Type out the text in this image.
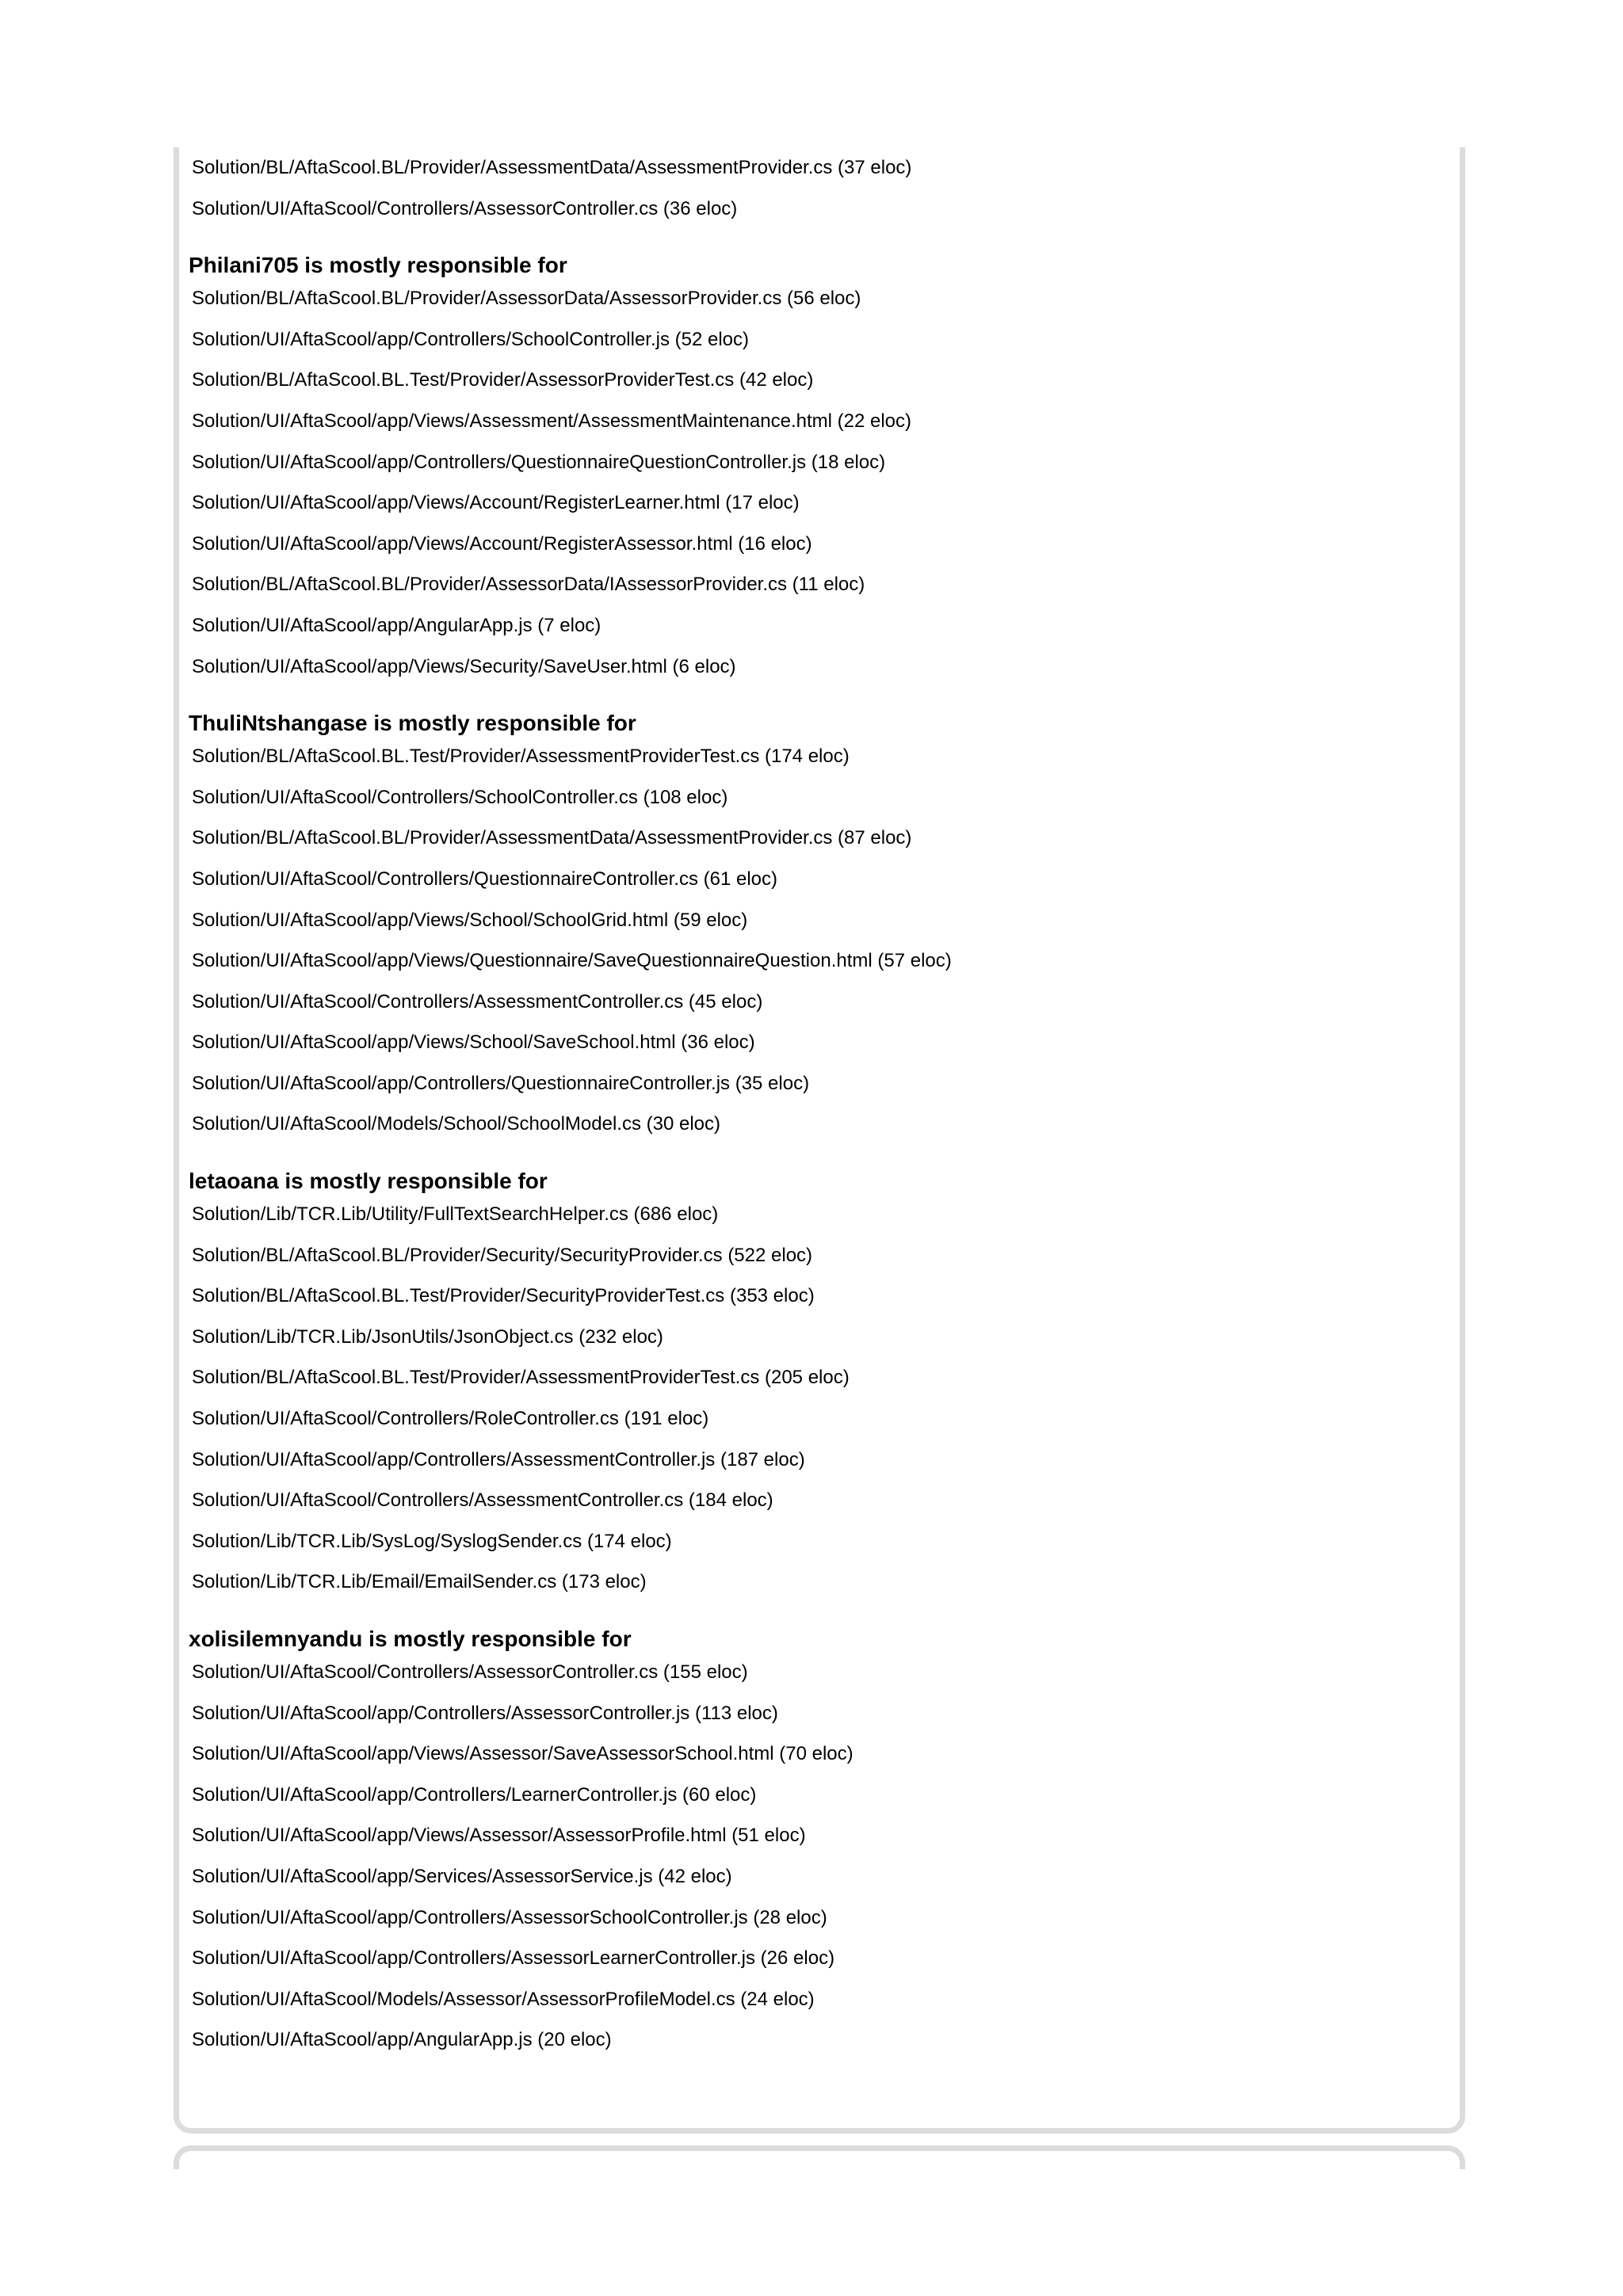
Solution/BL/AftaScool.BL/Provider/AssessmentData/AssessmentProvider.cs (37 eloc)
Solution/UI/AftaScool/Controllers/AssessorController.cs (36 eloc)
Philani705 is mostly responsible for
Solution/BL/AftaScool.BL/Provider/AssessorData/AssessorProvider.cs (56 eloc)
Solution/UI/AftaScool/app/Controllers/SchoolController.js (52 eloc)
Solution/BL/AftaScool.BL.Test/Provider/AssessorProviderTest.cs (42 eloc)
Solution/UI/AftaScool/app/Views/Assessment/AssessmentMaintenance.html (22 eloc)
Solution/UI/AftaScool/app/Controllers/QuestionnaireQuestionController.js (18 eloc)
Solution/UI/AftaScool/app/Views/Account/RegisterLearner.html (17 eloc)
Solution/UI/AftaScool/app/Views/Account/RegisterAssessor.html (16 eloc)
Solution/BL/AftaScool.BL/Provider/AssessorData/IAssessorProvider.cs (11 eloc)
Solution/UI/AftaScool/app/AngularApp.js (7 eloc)
Solution/UI/AftaScool/app/Views/Security/SaveUser.html (6 eloc)
ThuliNtshangase is mostly responsible for
Solution/BL/AftaScool.BL.Test/Provider/AssessmentProviderTest.cs (174 eloc)
Solution/UI/AftaScool/Controllers/SchoolController.cs (108 eloc)
Solution/BL/AftaScool.BL/Provider/AssessmentData/AssessmentProvider.cs (87 eloc)
Solution/UI/AftaScool/Controllers/QuestionnaireController.cs (61 eloc)
Solution/UI/AftaScool/app/Views/School/SchoolGrid.html (59 eloc)
Solution/UI/AftaScool/app/Views/Questionnaire/SaveQuestionnaireQuestion.html (57 eloc)
Solution/UI/AftaScool/Controllers/AssessmentController.cs (45 eloc)
Solution/UI/AftaScool/app/Views/School/SaveSchool.html (36 eloc)
Solution/UI/AftaScool/app/Controllers/QuestionnaireController.js (35 eloc)
Solution/UI/AftaScool/Models/School/SchoolModel.cs (30 eloc)
letaoana is mostly responsible for
Solution/Lib/TCR.Lib/Utility/FullTextSearchHelper.cs (686 eloc)
Solution/BL/AftaScool.BL/Provider/Security/SecurityProvider.cs (522 eloc)
Solution/BL/AftaScool.BL.Test/Provider/SecurityProviderTest.cs (353 eloc)
Solution/Lib/TCR.Lib/JsonUtils/JsonObject.cs (232 eloc)
Solution/BL/AftaScool.BL.Test/Provider/AssessmentProviderTest.cs (205 eloc)
Solution/UI/AftaScool/Controllers/RoleController.cs (191 eloc)
Solution/UI/AftaScool/app/Controllers/AssessmentController.js (187 eloc)
Solution/UI/AftaScool/Controllers/AssessmentController.cs (184 eloc)
Solution/Lib/TCR.Lib/SysLog/SyslogSender.cs (174 eloc)
Solution/Lib/TCR.Lib/Email/EmailSender.cs (173 eloc)
xolisilemnyandu is mostly responsible for
Solution/UI/AftaScool/Controllers/AssessorController.cs (155 eloc)
Solution/UI/AftaScool/app/Controllers/AssessorController.js (113 eloc)
Solution/UI/AftaScool/app/Views/Assessor/SaveAssessorSchool.html (70 eloc)
Solution/UI/AftaScool/app/Controllers/LearnerController.js (60 eloc)
Solution/UI/AftaScool/app/Views/Assessor/AssessorProfile.html (51 eloc)
Solution/UI/AftaScool/app/Services/AssessorService.js (42 eloc)
Solution/UI/AftaScool/app/Controllers/AssessorSchoolController.js (28 eloc)
Solution/UI/AftaScool/app/Controllers/AssessorLearnerController.js (26 eloc)
Solution/UI/AftaScool/Models/Assessor/AssessorProfileModel.cs (24 eloc)
Solution/UI/AftaScool/app/AngularApp.js (20 eloc)
